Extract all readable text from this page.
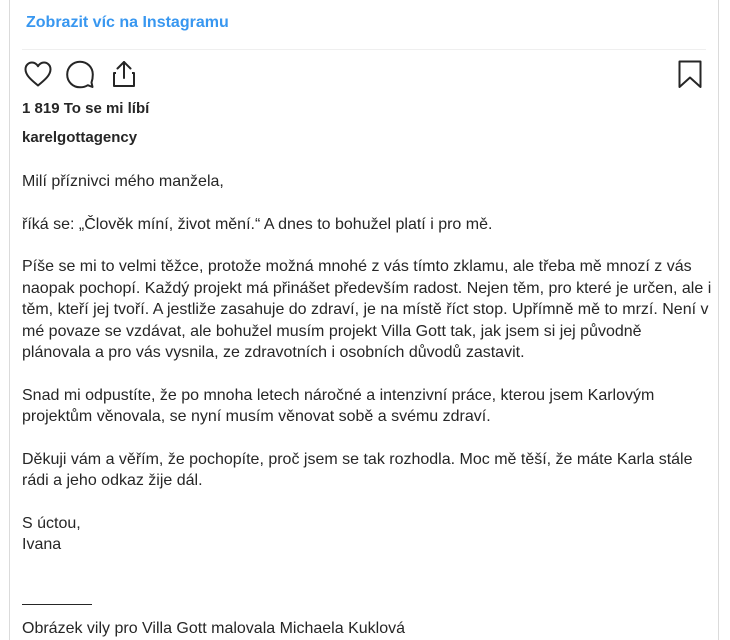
Zobrazit víc na Instagramu
1 819 To se mi líbí
karelgottagency

Milí příznivci mého manžela,

říká se: „Člověk míní, život mění.“ A dnes to bohužel platí i pro mě.

Píše se mi to velmi těžce, protože možná mnohé z vás tímto zklamu, ale třeba mě mnozí z vás naopak pochopí. Každý projekt má přinášet především radost. Nejen těm, pro které je určen, ale i těm, kteří jej tvoří. A jestliže zasahuje do zdraví, je na místě říct stop. Upřímně mě to mrzí. Není v mé povaze se vzdávat, ale bohužel musím projekt Villa Gott tak, jak jsem si jej původně plánovala a pro vás vysnila, ze zdravotních i osobních důvodů zastavit.

Snad mi odpustíte, že po mnoha letech náročné a intenzivní práce, kterou jsem Karlovým projektům věnovala, se nyní musím věnovat sobě a svému zdraví.

Děkuji vám a věřím, že pochopíte, proč jsem se tak rozhodla. Moc mě těší, že máte Karla stále rádi a jeho odkaz žije dál.

S úctou,

Ivana

Obrázek vily pro Villa Gott malovala Michaela Kuklová
